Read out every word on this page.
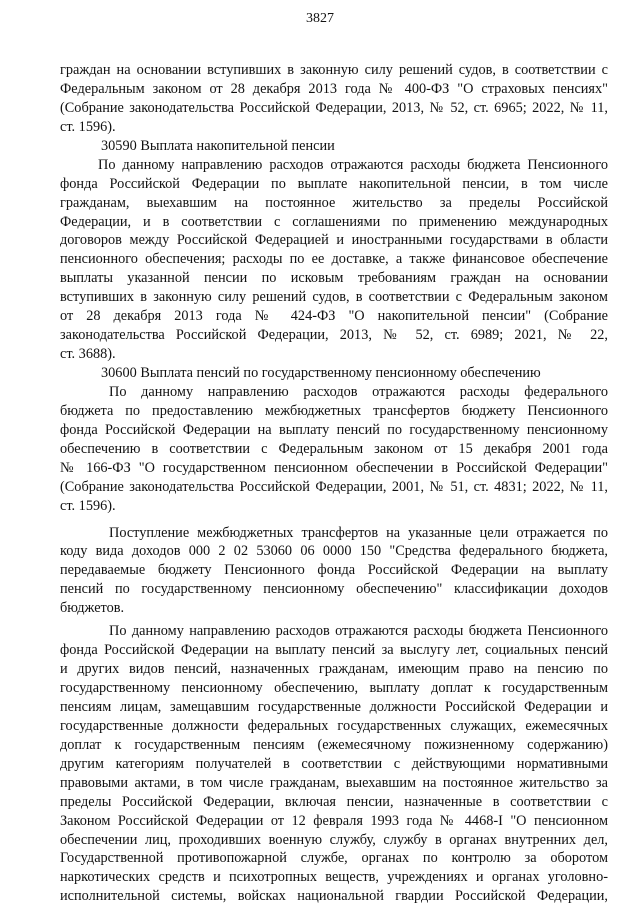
3827
граждан на основании вступивших в законную силу решений судов, в соответствии с
Федеральным законом от 28 декабря 2013 года № 400-ФЗ "О страховых пенсиях"
(Собрание законодательства Российской Федерации, 2013, № 52, ст. 6965; 2022, № 11,
ст. 1596).
30590 Выплата накопительной пенсии
По данному направлению расходов отражаются расходы бюджета Пенсионного
фонда Российской Федерации по выплате накопительной пенсии, в том числе
гражданам, выехавшим на постоянное жительство за пределы Российской
Федерации, и в соответствии с соглашениями по применению международных
договоров между Российской Федерацией и иностранными государствами в области
пенсионного обеспечения; расходы по ее доставке, а также финансовое обеспечение
выплаты указанной пенсии по исковым требованиям граждан на основании
вступивших в законную силу решений судов, в соответствии с Федеральным законом
от 28 декабря 2013 года № 424-ФЗ "О накопительной пенсии" (Собрание
законодательства Российской Федерации, 2013, № 52, ст. 6989; 2021, № 22,
ст. 3688).
30600 Выплата пенсий по государственному пенсионному обеспечению
По данному направлению расходов отражаются расходы федерального
бюджета по предоставлению межбюджетных трансфертов бюджету Пенсионного
фонда Российской Федерации на выплату пенсий по государственному пенсионному
обеспечению в соответствии с Федеральным законом от 15 декабря 2001 года
№ 166-ФЗ "О государственном пенсионном обеспечении в Российской Федерации"
(Собрание законодательства Российской Федерации, 2001, № 51, ст. 4831; 2022, № 11,
ст. 1596).
Поступление межбюджетных трансфертов на указанные цели отражается по
коду вида доходов 000 2 02 53060 06 0000 150 "Средства федерального бюджета,
передаваемые бюджету Пенсионного фонда Российской Федерации на выплату
пенсий по государственному пенсионному обеспечению" классификации доходов
бюджетов.
По данному направлению расходов отражаются расходы бюджета Пенсионного
фонда Российской Федерации на выплату пенсий за выслугу лет, социальных пенсий
и других видов пенсий, назначенных гражданам, имеющим право на пенсию по
государственному пенсионному обеспечению, выплату доплат к государственным
пенсиям лицам, замещавшим государственные должности Российской Федерации и
государственные должности федеральных государственных служащих, ежемесячных
доплат к государственным пенсиям (ежемесячному пожизненному содержанию)
другим категориям получателей в соответствии с действующими нормативными
правовыми актами, в том числе гражданам, выехавшим на постоянное жительство за
пределы Российской Федерации, включая пенсии, назначенные в соответствии с
Законом Российской Федерации от 12 февраля 1993 года № 4468-I "О пенсионном
обеспечении лиц, проходивших военную службу, службу в органах внутренних дел,
Государственной противопожарной службе, органах по контролю за оборотом
наркотических средств и психотропных веществ, учреждениях и органах уголовно-
исполнительной системы, войсках национальной гвардии Российской Федерации,
